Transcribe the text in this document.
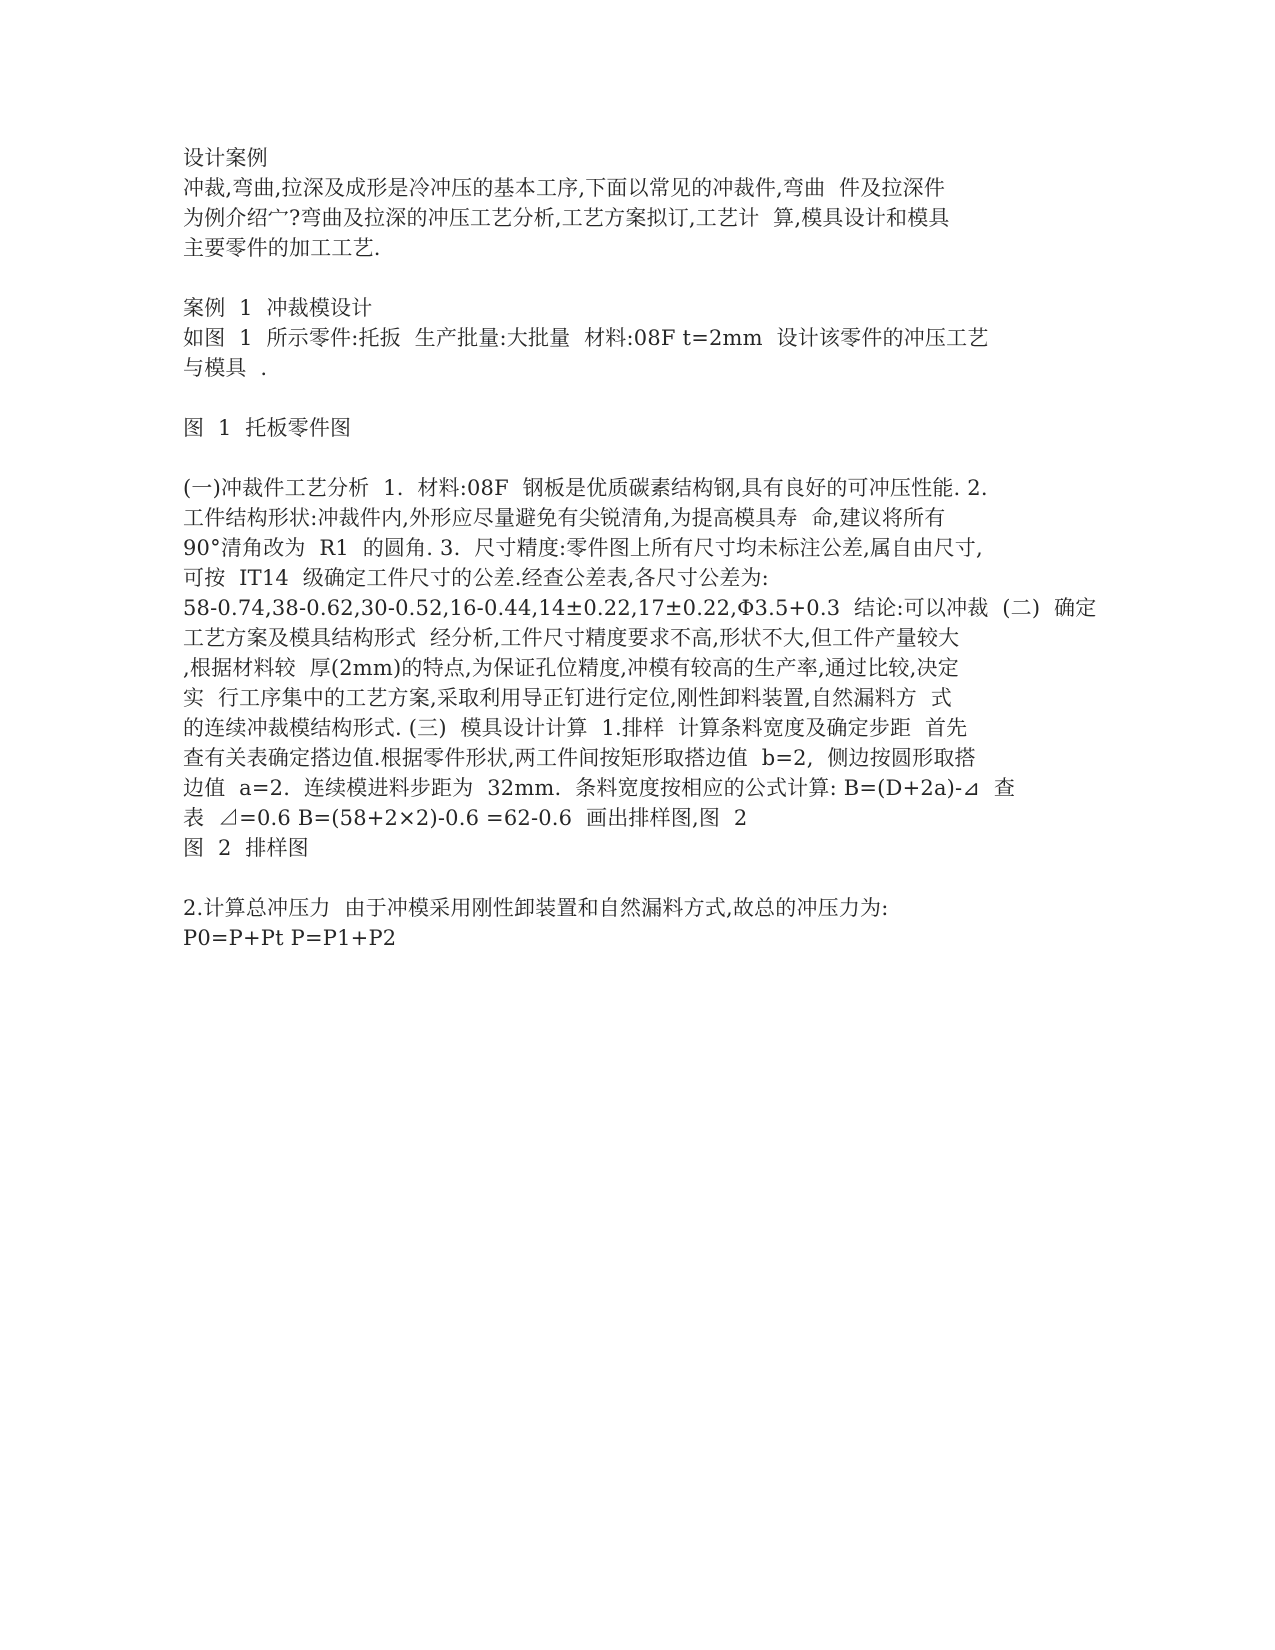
设计案例
冲裁,弯曲,拉深及成形是冷冲压的基本工序,下面以常见的冲裁件,弯曲  件及拉深件
为例介绍宀?弯曲及拉深的冲压工艺分析,工艺方案拟订,工艺计  算,模具设计和模具
主要零件的加工工艺.
案例  1  冲裁模设计
如图  1  所示零件:托扳  生产批量:大批量  材料:08F t=2mm  设计该零件的冲压工艺
与模具  .
图  1  托板零件图
(一)冲裁件工艺分析  1.  材料:08F  钢板是优质碳素结构钢,具有良好的可冲压性能. 2.
工件结构形状:冲裁件内,外形应尽量避免有尖锐清角,为提高模具寿  命,建议将所有
90°清角改为  R1  的圆角. 3.  尺寸精度:零件图上所有尺寸均未标注公差,属自由尺寸,
可按  IT14  级确定工件尺寸的公差.经查公差表,各尺寸公差为:
58-0.74,38-0.62,30-0.52,16-0.44,14±0.22,17±0.22,Φ3.5+0.3  结论:可以冲裁  (二)  确定
工艺方案及模具结构形式  经分析,工件尺寸精度要求不高,形状不大,但工件产量较大
,根据材料较  厚(2mm)的特点,为保证孔位精度,冲模有较高的生产率,通过比较,决定
实  行工序集中的工艺方案,采取利用导正钉进行定位,刚性卸料装置,自然漏料方  式
的连续冲裁模结构形式. (三)  模具设计计算  1.排样  计算条料宽度及确定步距  首先
查有关表确定搭边值.根据零件形状,两工件间按矩形取搭边值  b=2,  侧边按圆形取搭
边值  a=2.  连续模进料步距为  32mm.  条料宽度按相应的公式计算: B=(D+2a)-⊿  查
表  ⊿=0.6 B=(58+2×2)-0.6 =62-0.6  画出排样图,图  2
图  2  排样图
2.计算总冲压力  由于冲模采用刚性卸装置和自然漏料方式,故总的冲压力为:
P0=P+Pt P=P1+P2
